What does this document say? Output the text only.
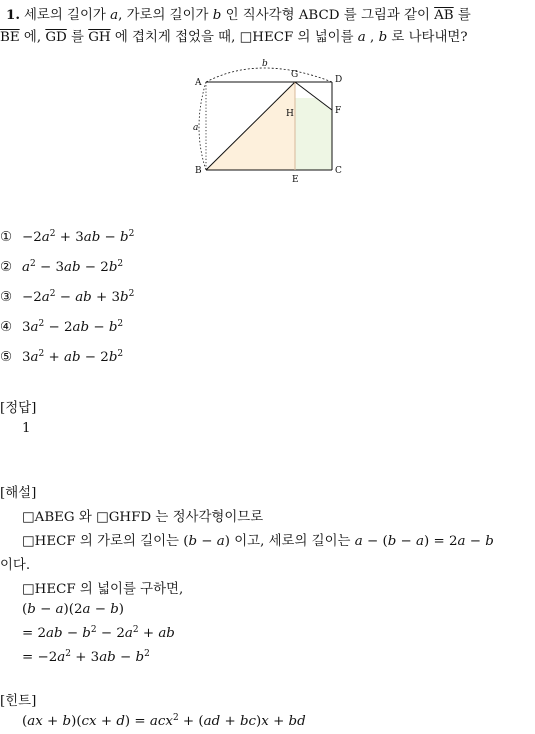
1. 세로의 길이가 a, 가로의 길이가 b 인 직사각형 ABCD 를 그림과 같이 $\overline{AB}$ 를
$\overline{BE}$ 에, $\overline{GD}$ 를 $\overline{GH}$ 에 겹치게 접었을 때, □HECF 의 넓이를 a , b 로 나타내면?
A
B	C
D
E
F
G
H
a
b
① $-2a^2 + 3ab - b^2$
② $a^2 - 3ab - 2b^2$
③ $-2a^2$ − ab + $3b^2$
④ $3a^2 - 2ab - b^2$
⑤ $3a^2$ + ab − $2b^2$
[정답]
1
[해설]
□ABEG 와 □GHFD 는 정사각형이므로
□HECF 의 가로의 길이는 (b − a) 이고, 세로의 길이는 a − (b − a) = 2a − b
이다.
□HECF 의 넓이를 구하면,
(b − a)(2a − b)
= $2ab - b^2 - 2a^2$ + ab
= $-2a^2 + 3ab - b^2$
[힌트]
(ax + b)(cx + d) = acx$^2$ + (ad + bc)x + bd
